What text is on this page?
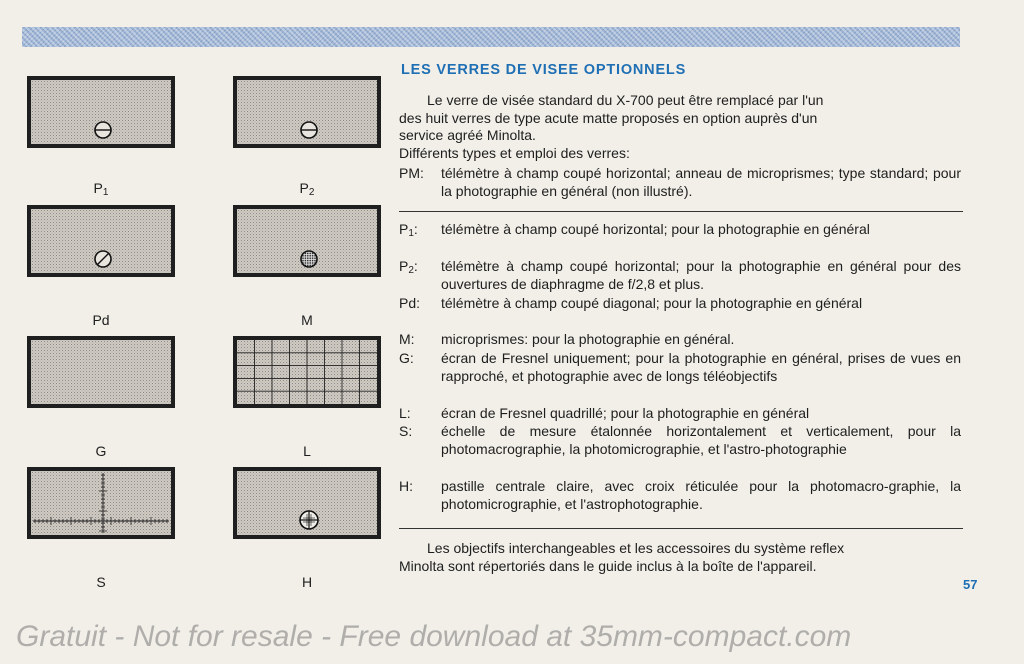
$P_1$	$P_2$
Pd	M
G	L
S	H
LES VERRES DE VISEE OPTIONNELS
Le verre de visée standard du X-700 peut être remplacé par l'un
des huit verres de type acute matte proposés en option auprès d'un
service agréé Minolta.
Différents types et emploi des verres:
PM:	télémètre à champ coupé horizontal; anneau de microprismes; type standard; pour la photographie en général (non illustré).
$P_1$:	télémètre à champ coupé horizontal; pour la photographie en général
$P_2$:	télémètre à champ coupé horizontal; pour la photographie en général pour des ouvertures de diaphragme de f/2,8 et plus.
Pd:	télémètre à champ coupé diagonal; pour la photographie en général
M:	microprismes: pour la photographie en général.
G:	écran de Fresnel uniquement; pour la photographie en général, prises de vues en rapproché, et photographie avec de longs téléobjectifs
L:	écran de Fresnel quadrillé; pour la photographie en général
S:	échelle de mesure étalonnée horizontalement et verticalement, pour la photomacrographie, la photomicrographie, et l'astro-photographie
H:	pastille centrale claire, avec croix réticulée pour la photomacro-graphie, la photomicrographie, et l'astrophotographie.
Les objectifs interchangeables et les accessoires du système reflex
Minolta sont répertoriés dans le guide inclus à la boîte de l'appareil.
57
Gratuit - Not for resale - Free download at 35mm-compact.com
